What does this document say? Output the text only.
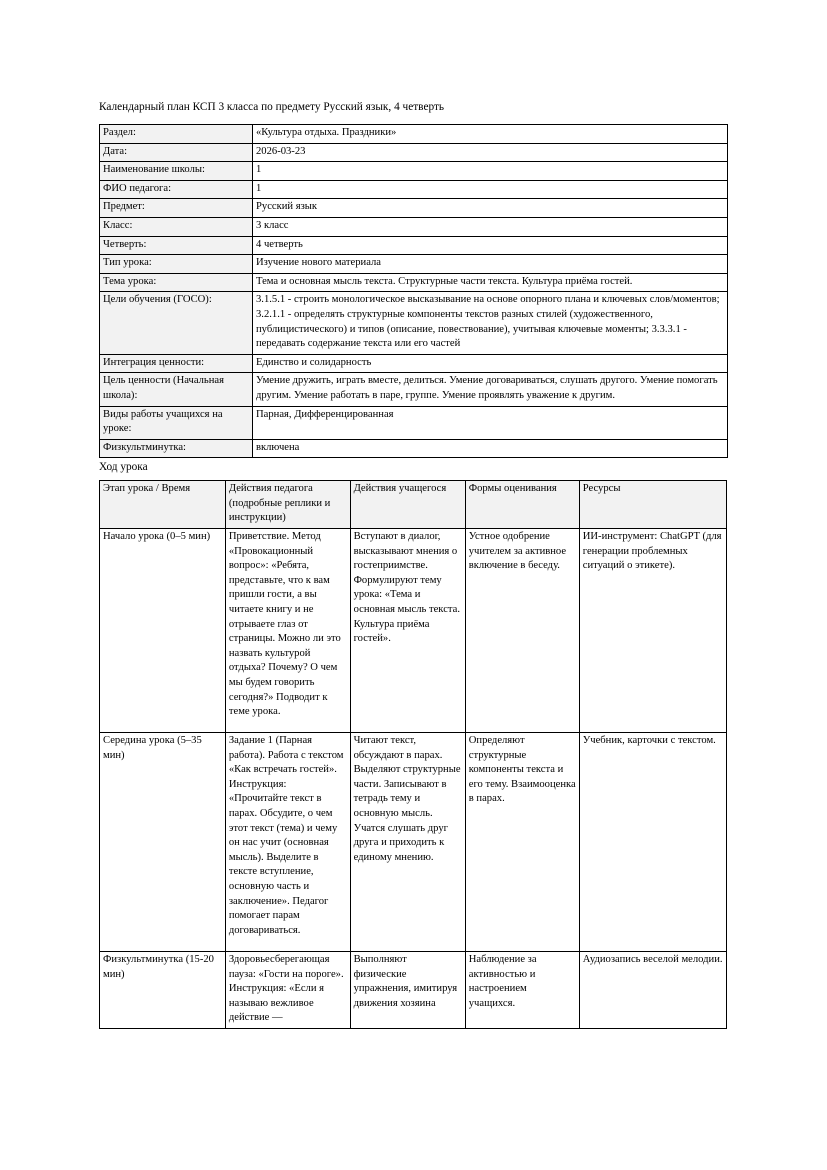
Календарный план КСП 3 класса по предмету Русский язык, 4 четверть

Раздел:	«Культура отдыха. Праздники»
Дата:	2026-03-23
Наименование школы:	1
ФИО педагога:	1
Предмет:	Русский язык
Класс:	3 класс
Четверть:	4 четверть
Тип урока:	Изучение нового материала
Тема урока:	Тема и основная мысль текста. Структурные части текста. Культура приёма гостей.
Цели обучения (ГОСО):	3.1.5.1 - строить монологическое высказывание на основе опорного плана и ключевых слов/моментов; 3.2.1.1 - определять структурные компоненты текстов разных стилей (художественного, публицистического) и типов (описание, повествование), учитывая ключевые моменты; 3.3.3.1 - передавать содержание текста или его частей
Интеграция ценности:	Единство и солидарность
Цель ценности (Начальная школа):	Умение дружить, играть вместе, делиться. Умение договариваться, слушать другого. Умение помогать другим. Умение работать в паре, группе. Умение проявлять уважение к другим.
Виды работы учащихся на уроке:	Парная, Дифференцированная
Физкультминутка:	включена

Ход урока

Этап урока / Время	Действия педагога (подробные реплики и инструкции)	Действия учащегося	Формы оценивания	Ресурсы
Начало урока (0–5 мин)	Приветствие. Метод «Провокационный вопрос»: «Ребята, представьте, что к вам пришли гости, а вы читаете книгу и не отрываете глаз от страницы. Можно ли это назвать культурой отдыха? Почему? О чем мы будем говорить сегодня?» Подводит к теме урока.	Вступают в диалог, высказывают мнения о гостеприимстве. Формулируют тему урока: «Тема и основная мысль текста. Культура приёма гостей».	Устное одобрение учителем за активное включение в беседу.	ИИ-инструмент: ChatGPT (для генерации проблемных ситуаций о этикете).
Середина урока (5–35 мин)	Задание 1 (Парная работа). Работа с текстом «Как встречать гостей». Инструкция: «Прочитайте текст в парах. Обсудите, о чем этот текст (тема) и чему он нас учит (основная мысль). Выделите в тексте вступление, основную часть и заключение». Педагог помогает парам договариваться.	Читают текст, обсуждают в парах. Выделяют структурные части. Записывают в тетрадь тему и основную мысль. Учатся слушать друг друга и приходить к единому мнению.	Определяют структурные компоненты текста и его тему. Взаимооценка в парах.	Учебник, карточки с текстом.
Физкультминутка (15-20 мин)	Здоровьесберегающая пауза: «Гости на пороге». Инструкция: «Если я называю вежливое действие —	Выполняют физические упражнения, имитируя движения хозяина	Наблюдение за активностью и настроением учащихся.	Аудиозапись веселой мелодии.
